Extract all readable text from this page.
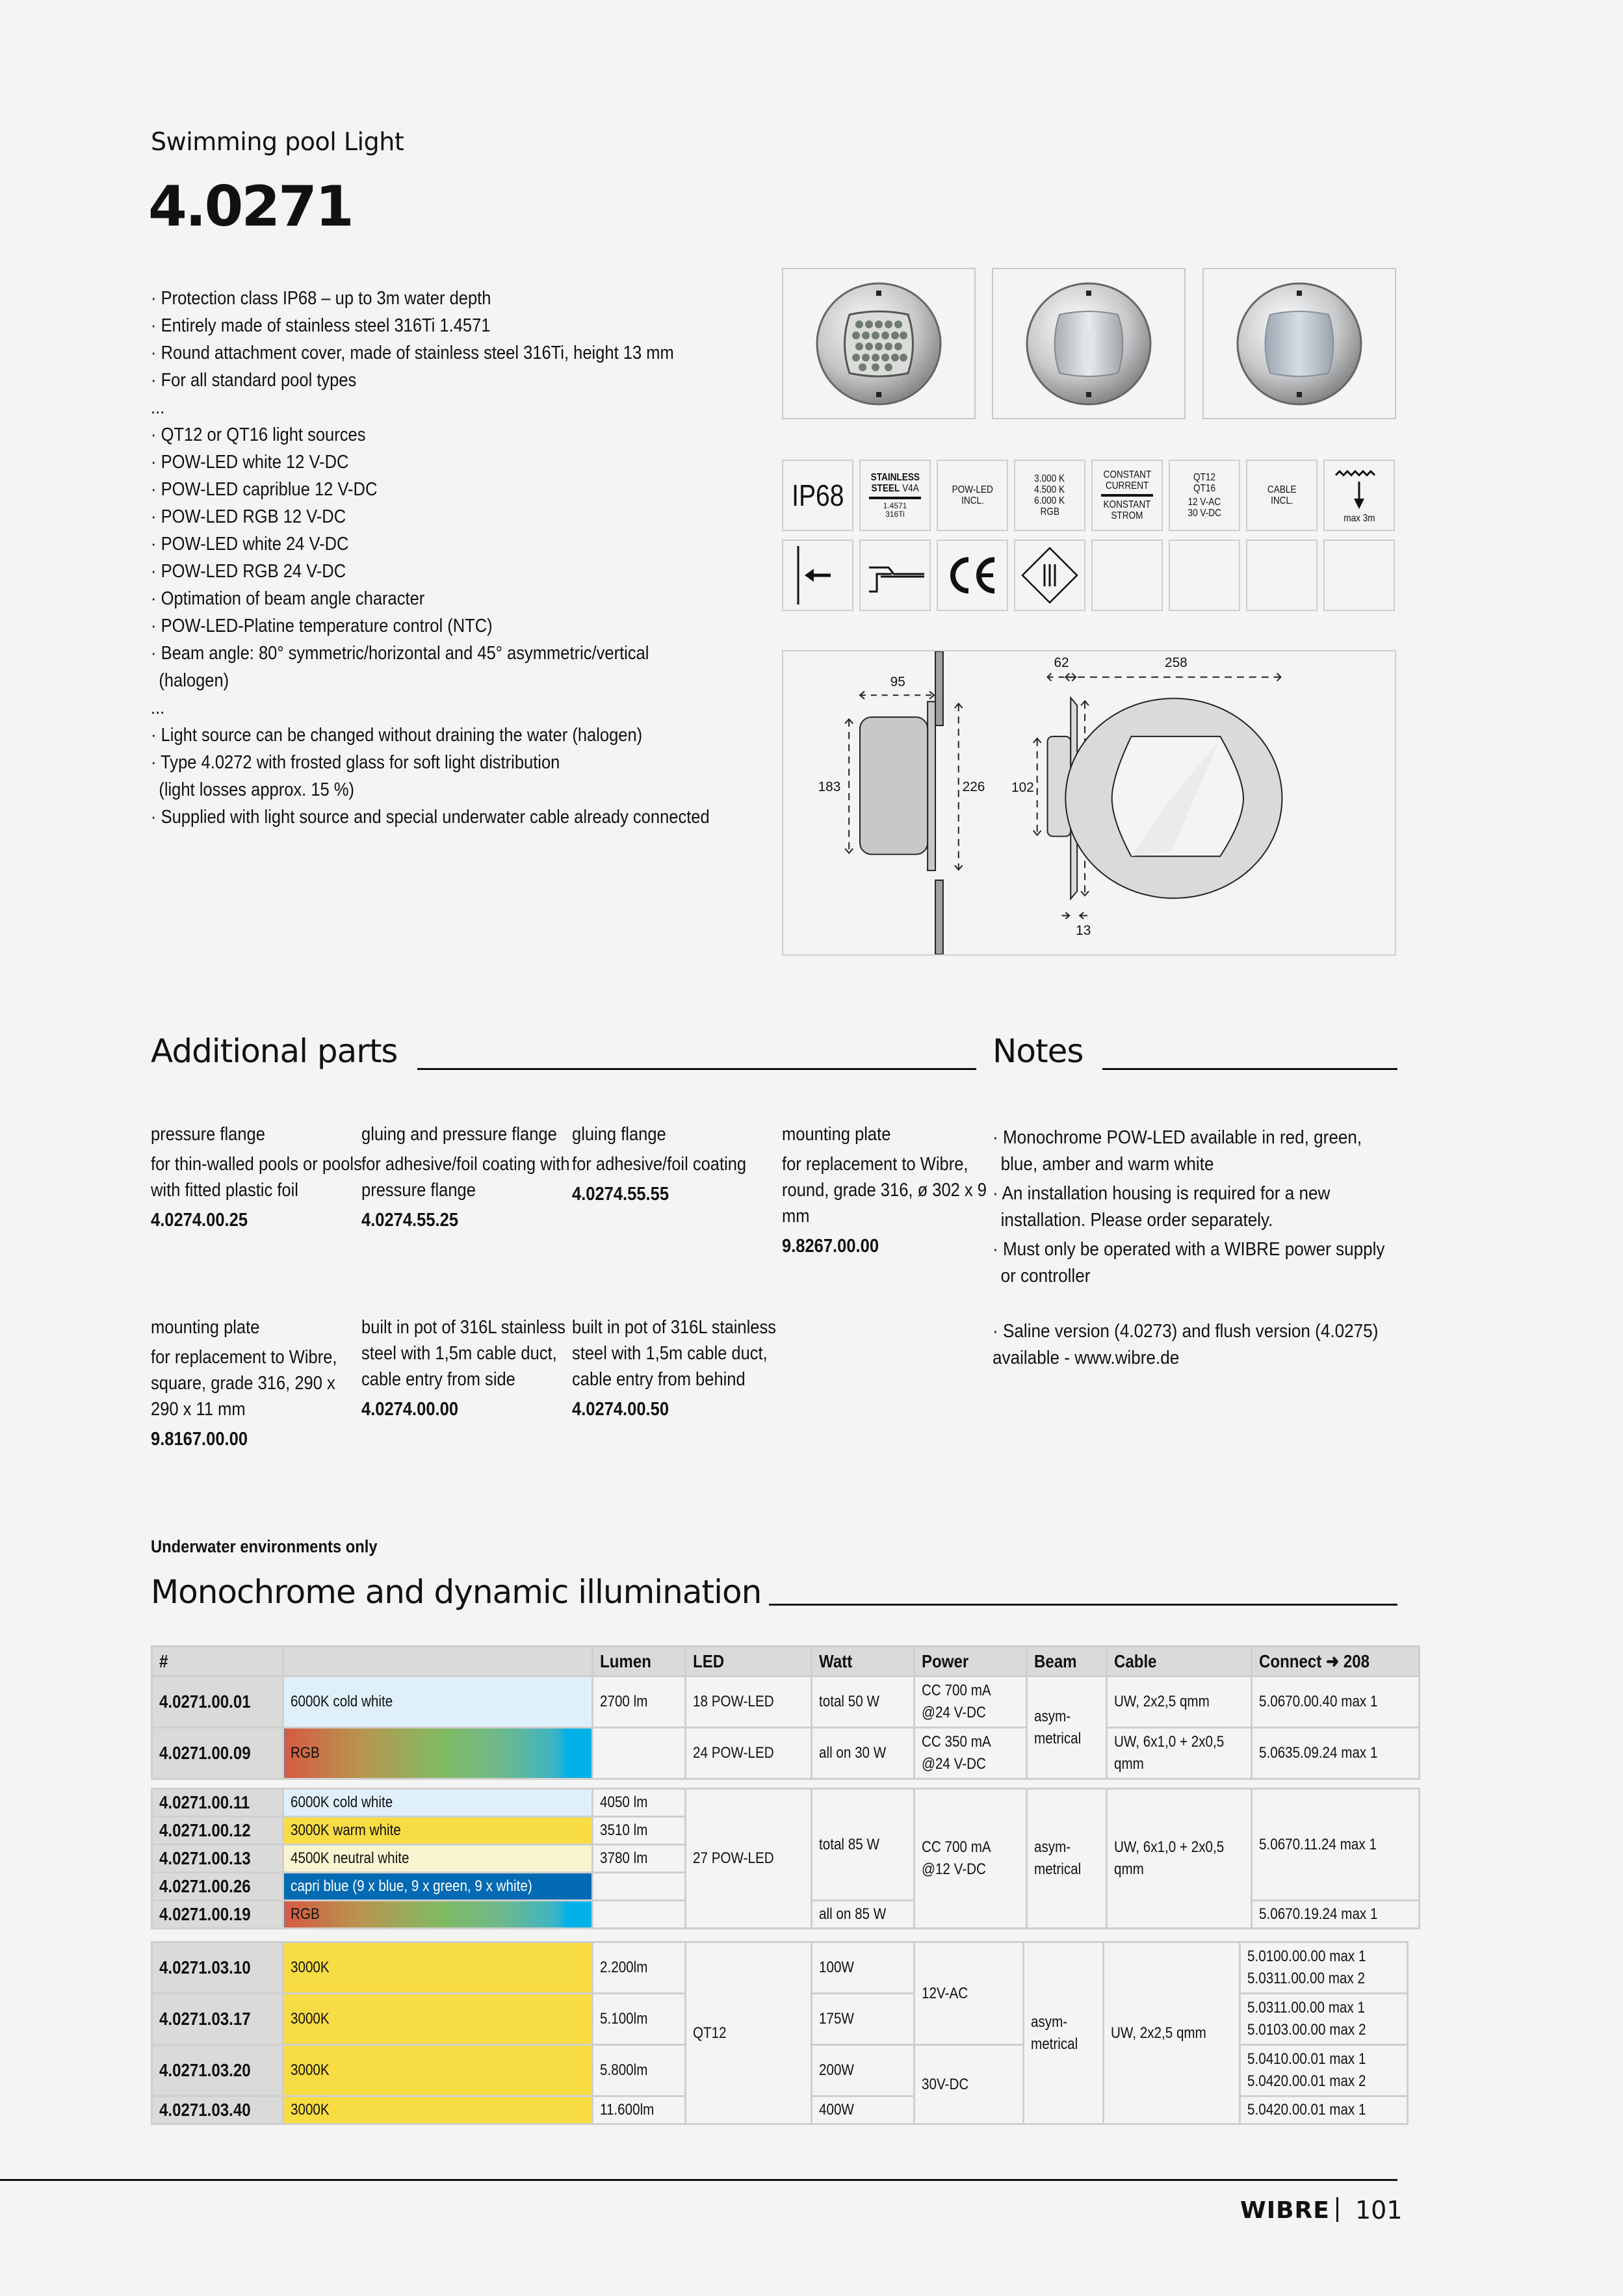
Swimming pool Light
4.0271
· Protection class IP68 – up to 3m water depth
· Entirely made of stainless steel 316Ti 1.4571
· Round attachment cover, made of stainless steel 316Ti, height 13 mm
· For all standard pool types
...
· QT12 or QT16 light sources
· POW-LED white 12 V-DC
· POW-LED capriblue 12 V-DC
· POW-LED RGB 12 V-DC
· POW-LED white 24 V-DC
· POW-LED RGB 24 V-DC
· Optimation of beam angle character
· POW-LED-Platine temperature control (NTC)
· Beam angle: 80° symmetric/horizontal and 45° asymmetric/vertical
(halogen)
...
· Light source can be changed without draining the water (halogen)
· Type 4.0272 with frosted glass for soft light distribution
(light losses approx. 15 %)
· Supplied with light source and special underwater cable already connected
IP68
STAINLESS
STEEL V4A
1.4571
316Ti
POW-LED
INCL.
3.000 K
4.500 K
6.000 K
RGB
CONSTANT
CURRENT
KONSTANT
STROM
QT12
QT16
12 V-AC
30 V-DC
CABLE
INCL.
max 3m
95
183	226
62
102
13
258
Additional parts
pressure flange
for thin-walled pools or pools with fitted plastic foil
4.0274.00.25
gluing and pressure flange
for adhesive/foil coating with pressure flange
4.0274.55.25
gluing flange
for adhesive/foil coating
4.0274.55.55
mounting plate
for replacement to Wibre, round, grade 316, ø 302 x 9 mm
9.8267.00.00
mounting plate
for replacement to Wibre, square, grade 316, 290 x 290 x 11 mm
9.8167.00.00
built in pot of 316L stainless steel with 1,5m cable duct, cable entry from side
4.0274.00.00
built in pot of 316L stainless steel with 1,5m cable duct, cable entry from behind
4.0274.00.50
Notes
· Monochrome POW-LED available in red, green, blue, amber and warm white
· An installation housing is required for a new installation. Please order separately.
· Must only be operated with a WIBRE power supply or controller
· Saline version (4.0273) and flush version (4.0275) available - www.wibre.de
Underwater environments only
Monochrome and dynamic illumination
#		Lumen	LED	Watt	Power	Beam	Cable	Connect ➜ 208
4.0271.00.01	6000K cold white	2700 lm	18 POW-LED	total 50 W	CC 700 mA @24 V-DC	asym- metrical	UW, 2x2,5 qmm	5.0670.00.40 max 1
4.0271.00.09	RGB		24 POW-LED	all on 30 W	CC 350 mA @24 V-DC		UW, 6x1,0 + 2x0,5 qmm	5.0635.09.24 max 1
4.0271.00.11	6000K cold white	4050 lm	27 POW-LED	total 85 W	CC 700 mA @12 V-DC	asym- metrical	UW, 6x1,0 + 2x0,5 qmm	5.0670.11.24 max 1
4.0271.00.12	3000K warm white	3510 lm						
4.0271.00.13	4500K neutral white	3780 lm						
4.0271.00.26	capri blue (9 x blue, 9 x green, 9 x white)							
4.0271.00.19	RGB			all on 85 W				5.0670.19.24 max 1
4.0271.03.10	3000K	2.200lm	QT12	100W	12V-AC	asym- metrical	UW, 2x2,5 qmm	5.0100.00.00 max 1
5.0311.00.00 max 2
4.0271.03.17	3000K	5.100lm		175W				5.0311.00.00 max 1
5.0103.00.00 max 2
4.0271.03.20	3000K	5.800lm		200W	30V-DC			5.0410.00.01 max 1
5.0420.00.01 max 2
4.0271.03.40	3000K	11.600lm		400W				5.0420.00.01 max 1
WIBRE 101
